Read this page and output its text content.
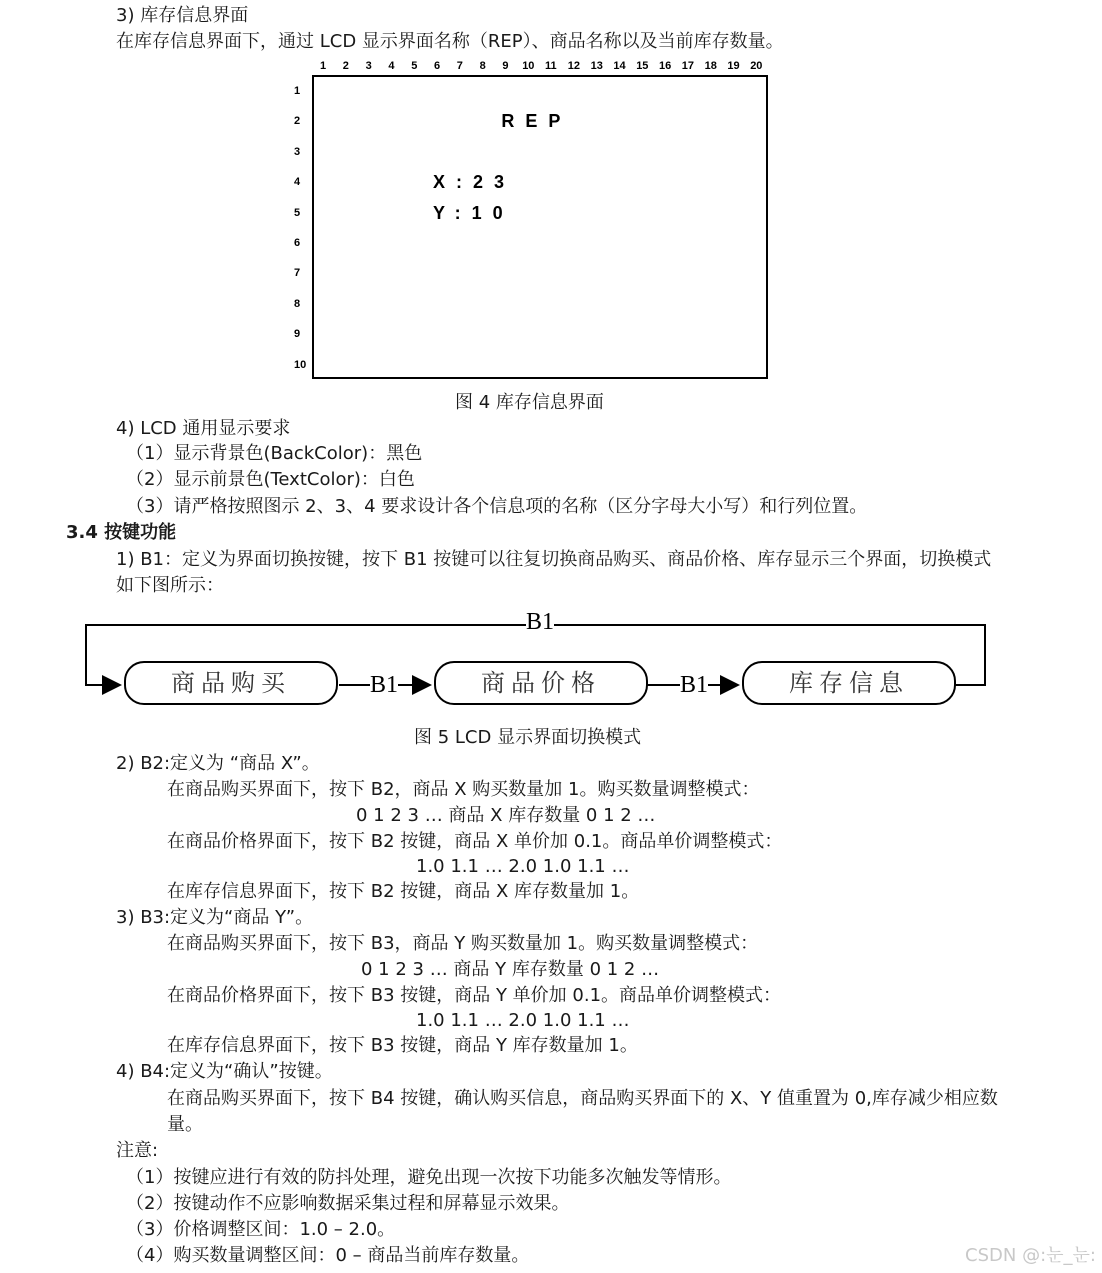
3) 库存信息界面
在库存信息界面下，通过 LCD 显示界面名称（REP）、商品名称以及当前库存数量。
1 2 3 4 5 6 7 8 9 10 11 12 13 14 15 16 17 18 19 20
1
2
3
4
5
6
7
8
9
10
REP
X:23
Y:10
图 4 库存信息界面
4) LCD 通用显示要求
（1）显示背景色(BackColor)：黑色
（2）显示前景色(TextColor)：白色
（3）请严格按照图示 2、3、4 要求设计各个信息项的名称（区分字母大小写）和行列位置。
3.4 按键功能
1) B1：定义为界面切换按键，按下 B1 按键可以往复切换商品购买、商品价格、库存显示三个界面，切换模式
如下图所示：
商品购买	商品价格	库存信息
B1
B1	B1
图 5 LCD 显示界面切换模式
2) B2:定义为 “商品 X”。
在商品购买界面下，按下 B2，商品 X 购买数量加 1。购买数量调整模式：
0 1 2 3 … 商品 X 库存数量 0 1 2 …
在商品价格界面下，按下 B2 按键，商品 X 单价加 0.1。商品单价调整模式：
1.0 1.1 … 2.0 1.0 1.1 …
在库存信息界面下，按下 B2 按键，商品 X 库存数量加 1。
3) B3:定义为“商品 Y”。
在商品购买界面下，按下 B3，商品 Y 购买数量加 1。购买数量调整模式：
0 1 2 3 … 商品 Y 库存数量 0 1 2 …
在商品价格界面下，按下 B3 按键，商品 Y 单价加 0.1。商品单价调整模式：
1.0 1.1 … 2.0 1.0 1.1 …
在库存信息界面下，按下 B3 按键，商品 Y 库存数量加 1。
4) B4:定义为“确认”按键。
在商品购买界面下，按下 B4 按键，确认购买信息，商品购买界面下的 X、Y 值重置为 0,库存减少相应数
量。
注意:
（1）按键应进行有效的防抖处理，避免出现一次按下功能多次触发等情形。
（2）按键动作不应影响数据采集过程和屏幕显示效果。
（3）价格调整区间：1.0 – 2.0。
（4）购买数量调整区间：0 – 商品当前库存数量。	CSDN @:눈_눈:
